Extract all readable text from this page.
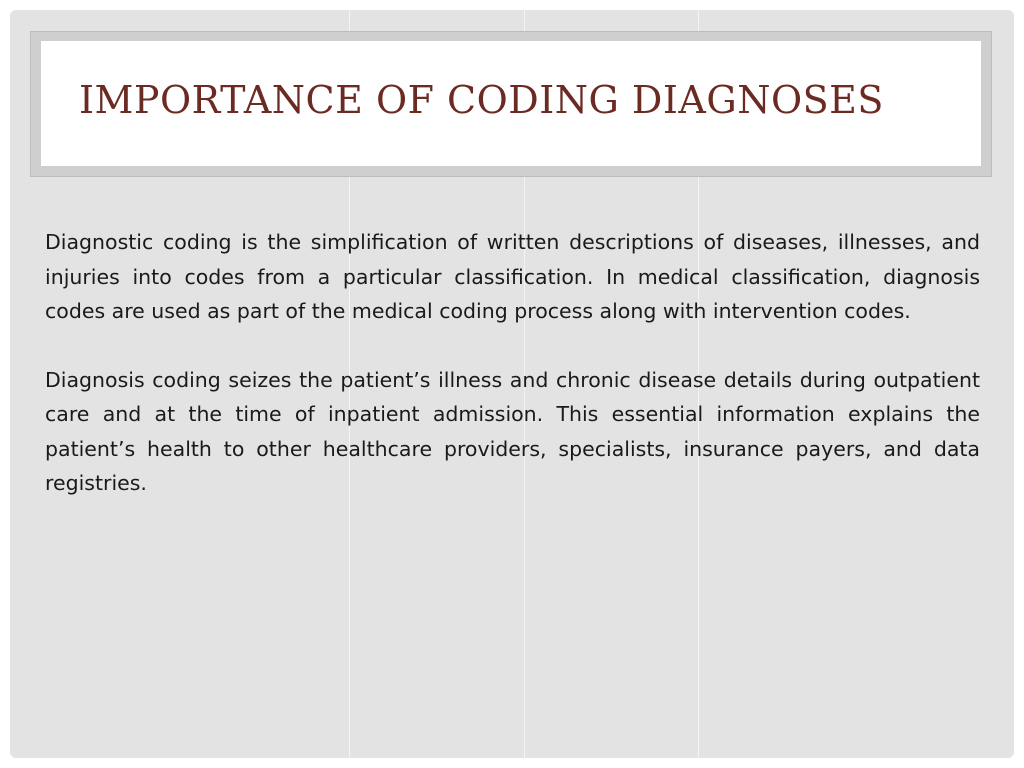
IMPORTANCE OF CODING DIAGNOSES

Diagnostic coding is the simplification of written descriptions of diseases, illnesses, and injuries into codes from a particular classification. In medical classification, diagnosis codes are used as part of the medical coding process along with intervention codes.

Diagnosis coding seizes the patient’s illness and chronic disease details during outpatient care and at the time of inpatient admission. This essential information explains the patient’s health to other healthcare providers, specialists, insurance payers, and data registries.
